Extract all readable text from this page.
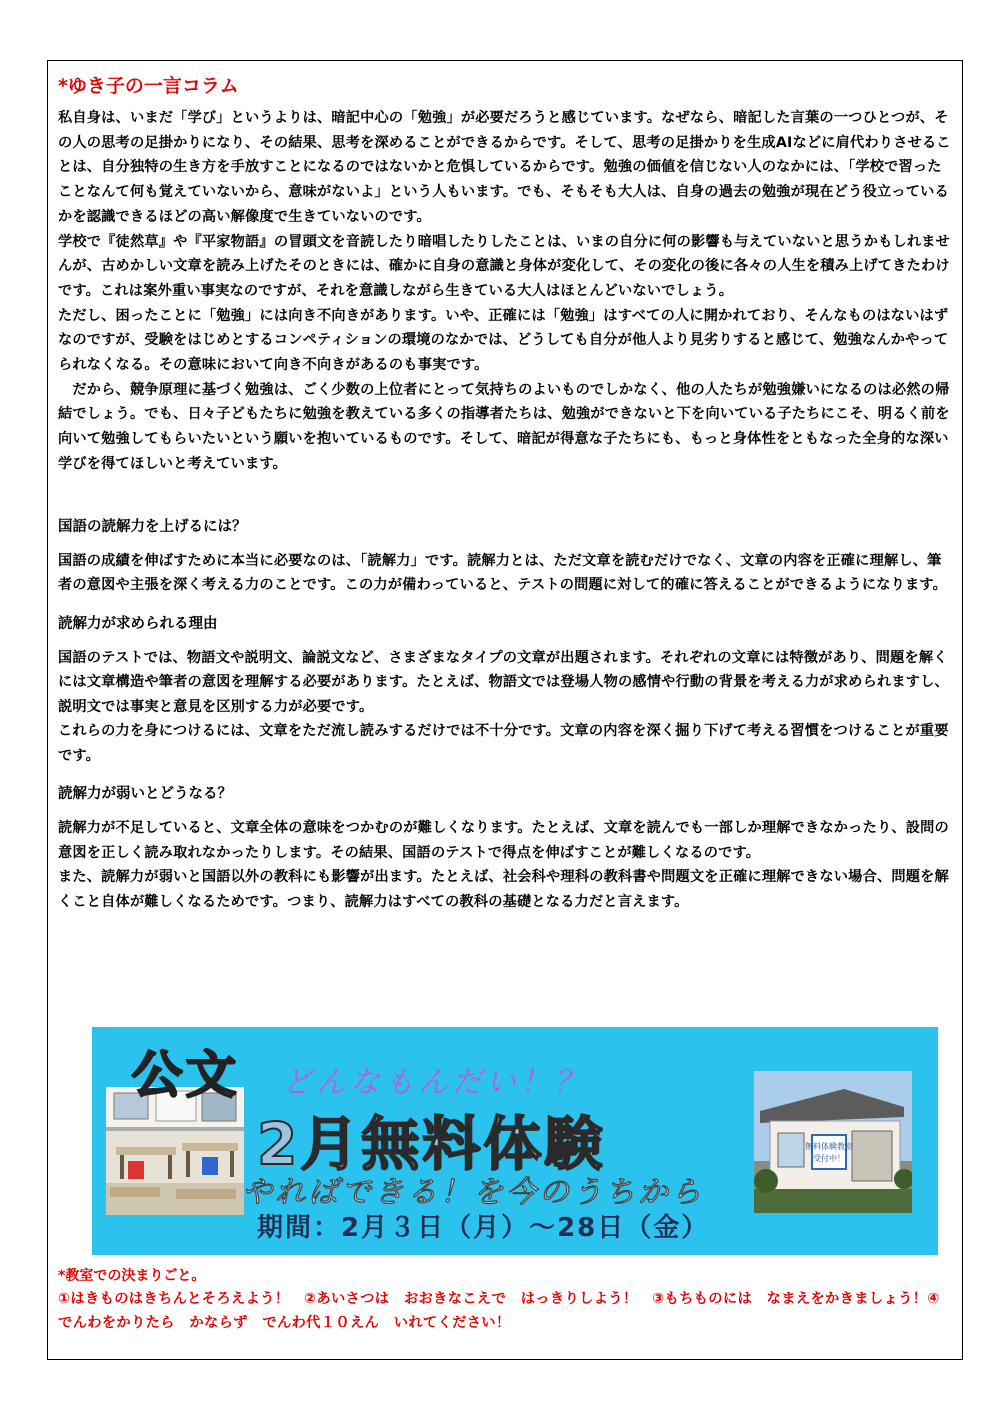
*ゆき子の一言コラム

私自身は、いまだ「学び」というよりは、暗記中心の「勉強」が必要だろうと感じています。なぜなら、暗記した言葉の一つひとつが、その人の思考の足掛かりになり、その結果、思考を深めることができるからです。そして、思考の足掛かりを生成AIなどに肩代わりさせることは、自分独特の生き方を手放すことになるのではないかと危惧しているからです。勉強の価値を信じない人のなかには、「学校で習ったことなんて何も覚えていないから、意味がないよ」という人もいます。でも、そもそも大人は、自身の過去の勉強が現在どう役立っているかを認識できるほどの高い解像度で生きていないのです。

学校で『徒然草』や『平家物語』の冒頭文を音読したり暗唱したりしたことは、いまの自分に何の影響も与えていないと思うかもしれませんが、古めかしい文章を読み上げたそのときには、確かに自身の意識と身体が変化して、その変化の後に各々の人生を積み上げてきたわけです。これは案外重い事実なのですが、それを意識しながら生きている大人はほとんどいないでしょう。

ただし、困ったことに「勉強」には向き不向きがあります。いや、正確には「勉強」はすべての人に開かれており、そんなものはないはずなのですが、受験をはじめとするコンペティションの環境のなかでは、どうしても自分が他人より見劣りすると感じて、勉強なんかやってられなくなる。その意味において向き不向きがあるのも事実です。

　だから、競争原理に基づく勉強は、ごく少数の上位者にとって気持ちのよいものでしかなく、他の人たちが勉強嫌いになるのは必然の帰結でしょう。でも、日々子どもたちに勉強を教えている多くの指導者たちは、勉強ができないと下を向いている子たちにこそ、明るく前を向いて勉強してもらいたいという願いを抱いているものです。そして、暗記が得意な子たちにも、もっと身体性をともなった全身的な深い学びを得てほしいと考えています。

国語の読解力を上げるには？

国語の成績を伸ばすために本当に必要なのは、「読解力」です。読解力とは、ただ文章を読むだけでなく、文章の内容を正確に理解し、筆者の意図や主張を深く考える力のことです。この力が備わっていると、テストの問題に対して的確に答えることができるようになります。

読解力が求められる理由

国語のテストでは、物語文や説明文、論説文など、さまざまなタイプの文章が出題されます。それぞれの文章には特徴があり、問題を解くには文章構造や筆者の意図を理解する必要があります。たとえば、物語文では登場人物の感情や行動の背景を考える力が求められますし、説明文では事実と意見を区別する力が必要です。

これらの力を身につけるには、文章をただ流し読みするだけでは不十分です。文章の内容を深く掘り下げて考える習慣をつけることが重要です。

読解力が弱いとどうなる？

読解力が不足していると、文章全体の意味をつかむのが難しくなります。たとえば、文章を読んでも一部しか理解できなかったり、設問の意図を正しく読み取れなかったりします。その結果、国語のテストで得点を伸ばすことが難しくなるのです。

また、読解力が弱いと国語以外の教科にも影響が出ます。たとえば、社会科や理科の教科書や問題文を正確に理解できない場合、問題を解くこと自体が難しくなるためです。つまり、読解力はすべての教科の基礎となる力だと言えます。

無料体験教室
受付中！
公文 どんなもんだい！？
2月無料体験
やればできる！を今のうちから
期間：2月３日（月）～28日（金）
*教室での決まりごと。
①はきものはきちんとそろえよう！　②あいさつは　おおきなこえで　はっきりしよう！　③もちものには　なまえをかきましょう！④でんわをかりたら　かならず　でんわ代１０えん　いれてください！
